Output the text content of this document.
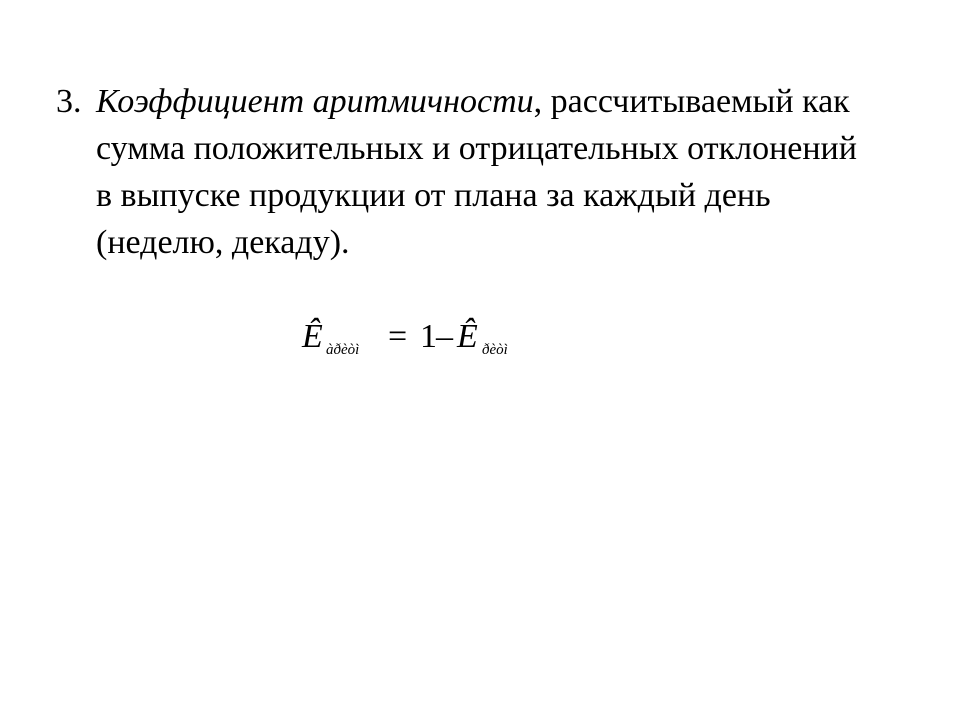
3. Коэффициент аритмичности, рассчитываемый как сумма положительных и отрицательных отклонений в выпуске продукции от плана за каждый день (неделю, декаду).
Ê àðèòì = 1 – Ê ðèòì
